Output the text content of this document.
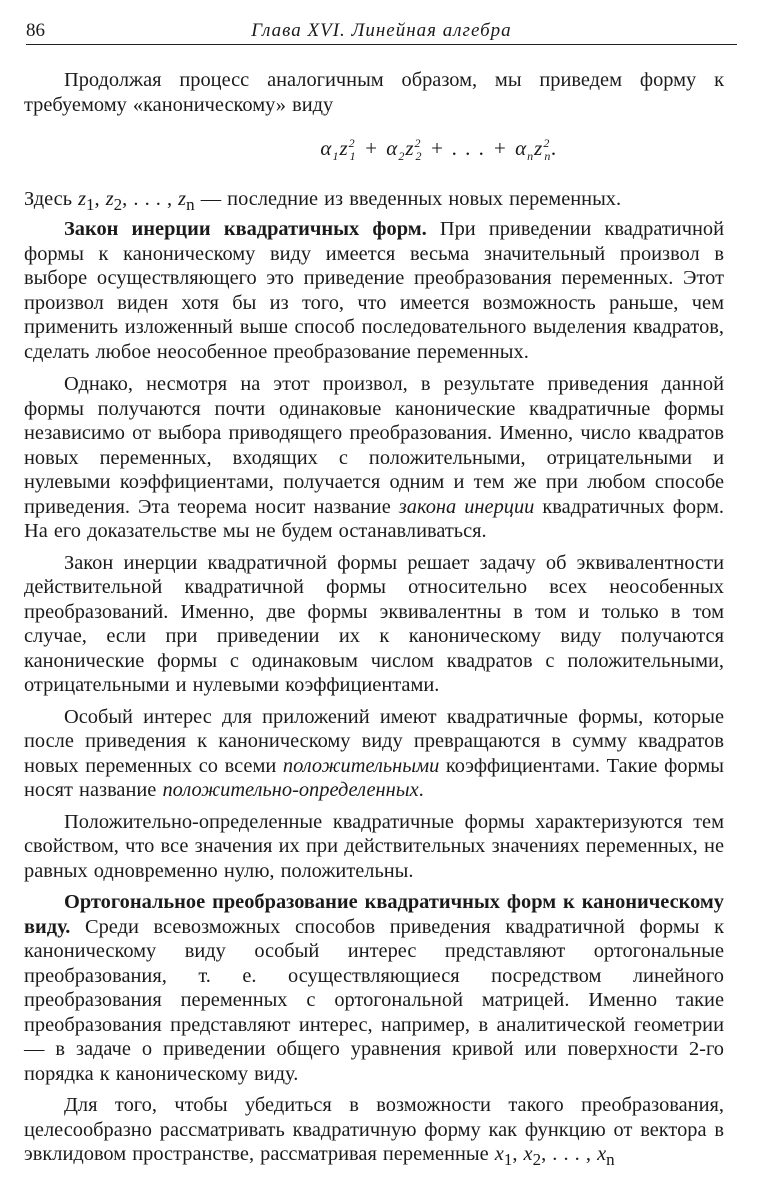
86	Глава XVI. Линейная алгебра

Продолжая процесс аналогичным образом, мы приведем форму к требуемому «каноническому» виду

$\alpha_1z^2_1 + \alpha_2z^2_2$ + . . . + $\alpha_nz^2_n$.

Здесь $z_1$, $z_2$, . . . , $z_n$ — последние из введенных новых переменных.

Закон инерции квадратичных форм. При приведении квадратичной формы к каноническому виду имеется весьма значительный произвол в выборе осуществляющего это приведение преобразования переменных. Этот произвол виден хотя бы из того, что имеется возможность раньше, чем применить изложенный выше способ последовательного выделения квадратов, сделать любое неособенное преобразование переменных.

Однако, несмотря на этот произвол, в результате приведения данной формы получаются почти одинаковые канонические квадратичные формы независимо от выбора приводящего преобразования. Именно, число квадратов новых переменных, входящих с положительными, отрицательными и нулевыми коэффициентами, получается одним и тем же при любом способе приведения. Эта теорема носит название закона инерции квадратичных форм. На его доказательстве мы не будем останавливаться.

Закон инерции квадратичной формы решает задачу об эквивалентности действительной квадратичной формы относительно всех неособенных преобразований. Именно, две формы эквивалентны в том и только в том случае, если при приведении их к каноническому виду получаются канонические формы с одинаковым числом квадратов с положительными, отрицательными и нулевыми коэффициентами.

Особый интерес для приложений имеют квадратичные формы, которые после приведения к каноническому виду превращаются в сумму квадратов новых переменных со всеми положительными коэффициентами. Такие формы носят название положительно-определенных.

Положительно-определенные квадратичные формы характеризуются тем свойством, что все значения их при действительных значениях переменных, не равных одновременно нулю, положительны.

Ортогональное преобразование квадратичных форм к каноническому виду. Среди всевозможных способов приведения квадратичной формы к каноническому виду особый интерес представляют ортогональные преобразования, т. е. осуществляющиеся посредством линейного преобразования переменных с ортогональной матрицей. Именно такие преобразования представляют интерес, например, в аналитической геометрии — в задаче о приведении общего уравнения кривой или поверхности 2-го порядка к каноническому виду.

Для того, чтобы убедиться в возможности такого преобразования, целесообразно рассматривать квадратичную форму как функцию от вектора в эвклидовом пространстве, рассматривая переменные $x_1$, $x_2$, . . . , $x_n$
